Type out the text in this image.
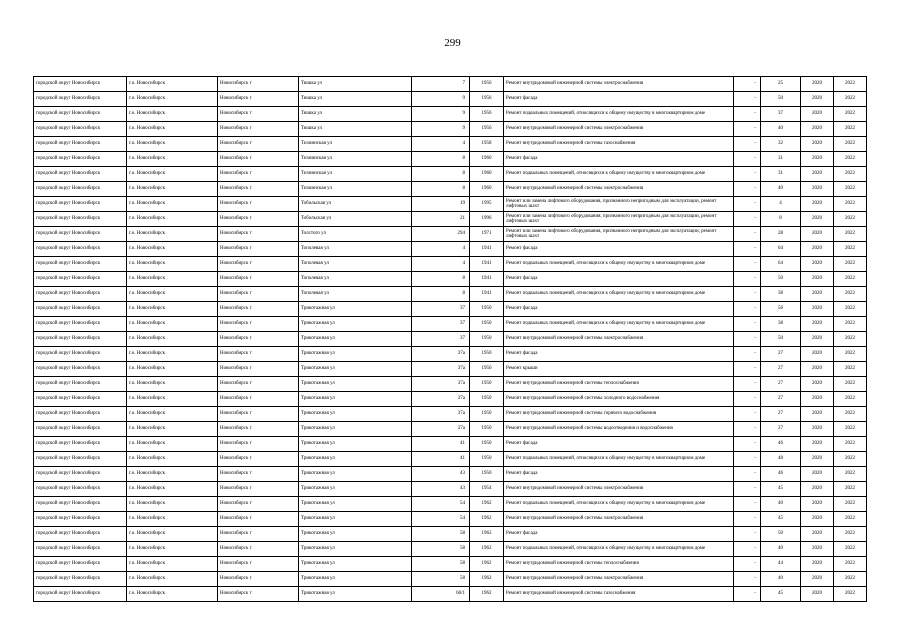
299
городской округ Новосибирск	г.о. Новосибирск	Новосибирск г	Тюшка ул	7	1956	Ремонт внутридомовой инженерной системы электроснабжения	-	25	2020	2022
городской округ Новосибирск	г.о. Новосибирск	Новосибирск г	Тюшка ул	9	1956	Ремонт фасада	-	50	2020	2022
городской округ Новосибирск	г.о. Новосибирск	Новосибирск г	Тюшка ул	9	1956	Ремонт подвальных помещений, относящихся к общему имуществу в многоквартирном доме	-	37	2020	2022
городской округ Новосибирск	г.о. Новосибирск	Новосибирск г	Тюшка ул	9	1956	Ремонт внутридомовой инженерной системы электроснабжения	-	40	2020	2022
городской округ Новосибирск	г.о. Новосибирск	Новосибирск г	Тихвинская ул	4	1958	Ремонт внутридомовой инженерной системы газоснабжения	-	32	2020	2022
городской округ Новосибирск	г.о. Новосибирск	Новосибирск г	Тихвинская ул	8	1960	Ремонт фасада	-	31	2020	2022
городской округ Новосибирск	г.о. Новосибирск	Новосибирск г	Тихвинская ул	8	1960	Ремонт подвальных помещений, относящихся к общему имуществу в многоквартирном доме	-	31	2020	2022
городской округ Новосибирск	г.о. Новосибирск	Новосибирск г	Тихвинская ул	8	1960	Ремонт внутридомовой инженерной системы электроснабжения	-	40	2020	2022
городской округ Новосибирск	г.о. Новосибирск	Новосибирск г	Тобольская ул	19	1995	Ремонт или замена лифтового оборудования, признанного непригодным для эксплуатации, ремонт лифтовых шахт	-	4	2020	2022
городской округ Новосибирск	г.о. Новосибирск	Новосибирск г	Тобольская ул	21	1996	Ремонт или замена лифтового оборудования, признанного непригодным для эксплуатации, ремонт лифтовых шахт	-	8	2020	2022
городской округ Новосибирск	г.о. Новосибирск	Новосибирск г	Толстого ул	294	1971	Ремонт или замена лифтового оборудования, признанного непригодным для эксплуатации, ремонт лифтовых шахт	-	28	2020	2022
городской округ Новосибирск	г.о. Новосибирск	Новосибирск г	Тополевая ул	4	1941	Ремонт фасада	-	64	2020	2022
городской округ Новосибирск	г.о. Новосибирск	Новосибирск г	Тополевая ул	4	1941	Ремонт подвальных помещений, относящихся к общему имуществу в многоквартирном доме	-	64	2020	2022
городской округ Новосибирск	г.о. Новосибирск	Новосибирск г	Тополевая ул	8	1941	Ремонт фасада	-	50	2020	2022
городской округ Новосибирск	г.о. Новосибирск	Новосибирск г	Тополевая ул	8	1941	Ремонт подвальных помещений, относящихся к общему имуществу в многоквартирном доме	-	38	2020	2022
городской округ Новосибирск	г.о. Новосибирск	Новосибирск г	Трикотажная ул	37	1950	Ремонт фасада	-	56	2020	2022
городской округ Новосибирск	г.о. Новосибирск	Новосибирск г	Трикотажная ул	37	1950	Ремонт подвальных помещений, относящихся к общему имуществу в многоквартирном доме	-	38	2020	2022
городской округ Новосибирск	г.о. Новосибирск	Новосибирск г	Трикотажная ул	37	1950	Ремонт внутридомовой инженерной системы электроснабжения	-	50	2020	2022
городской округ Новосибирск	г.о. Новосибирск	Новосибирск г	Трикотажная ул	37а	1950	Ремонт фасада	-	27	2020	2022
городской округ Новосибирск	г.о. Новосибирск	Новосибирск г	Трикотажная ул	37а	1950	Ремонт крыши	-	27	2020	2022
городской округ Новосибирск	г.о. Новосибирск	Новосибирск г	Трикотажная ул	37а	1950	Ремонт внутридомовой инженерной системы теплоснабжения	-	27	2020	2022
городской округ Новосибирск	г.о. Новосибирск	Новосибирск г	Трикотажная ул	37а	1950	Ремонт внутридомовой инженерной системы холодного водоснабжения	-	27	2020	2022
городской округ Новосибирск	г.о. Новосибирск	Новосибирск г	Трикотажная ул	37а	1950	Ремонт внутридомовой инженерной системы горячего водоснабжения	-	27	2020	2022
городской округ Новосибирск	г.о. Новосибирск	Новосибирск г	Трикотажная ул	37а	1950	Ремонт внутридомовой инженерной системы водоотведения и водоснабжения	-	27	2020	2022
городской округ Новосибирск	г.о. Новосибирск	Новосибирск г	Трикотажная ул	41	1950	Ремонт фасада	-	46	2020	2022
городской округ Новосибирск	г.о. Новосибирск	Новосибирск г	Трикотажная ул	41	1950	Ремонт подвальных помещений, относящихся к общему имуществу в многоквартирном доме	-	48	2020	2022
городской округ Новосибирск	г.о. Новосибирск	Новосибирск г	Трикотажная ул	43	1950	Ремонт фасада	-	46	2020	2022
городской округ Новосибирск	г.о. Новосибирск	Новосибирск г	Трикотажная ул	43	1954	Ремонт внутридомовой инженерной системы электроснабжения	-	45	2020	2022
городской округ Новосибирск	г.о. Новосибирск	Новосибирск г	Трикотажная ул	54	1962	Ремонт подвальных помещений, относящихся к общему имуществу в многоквартирном доме	-	40	2020	2022
городской округ Новосибирск	г.о. Новосибирск	Новосибирск г	Трикотажная ул	54	1962	Ремонт внутридомовой инженерной системы электроснабжения	-	45	2020	2022
городской округ Новосибирск	г.о. Новосибирск	Новосибирск г	Трикотажная ул	58	1962	Ремонт фасада	-	50	2020	2022
городской округ Новосибирск	г.о. Новосибирск	Новосибирск г	Трикотажная ул	58	1962	Ремонт подвальных помещений, относящихся к общему имуществу в многоквартирном доме	-	40	2020	2022
городской округ Новосибирск	г.о. Новосибирск	Новосибирск г	Трикотажная ул	58	1962	Ремонт внутридомовой инженерной системы теплоснабжения	-	44	2020	2022
городской округ Новосибирск	г.о. Новосибирск	Новосибирск г	Трикотажная ул	58	1962	Ремонт внутридомовой инженерной системы электроснабжения	-	40	2020	2022
городской округ Новосибирск	г.о. Новосибирск	Новосибирск г	Трикотажная ул	60/1	1962	Ремонт внутридомовой инженерной системы газоснабжения	-	45	2020	2022
